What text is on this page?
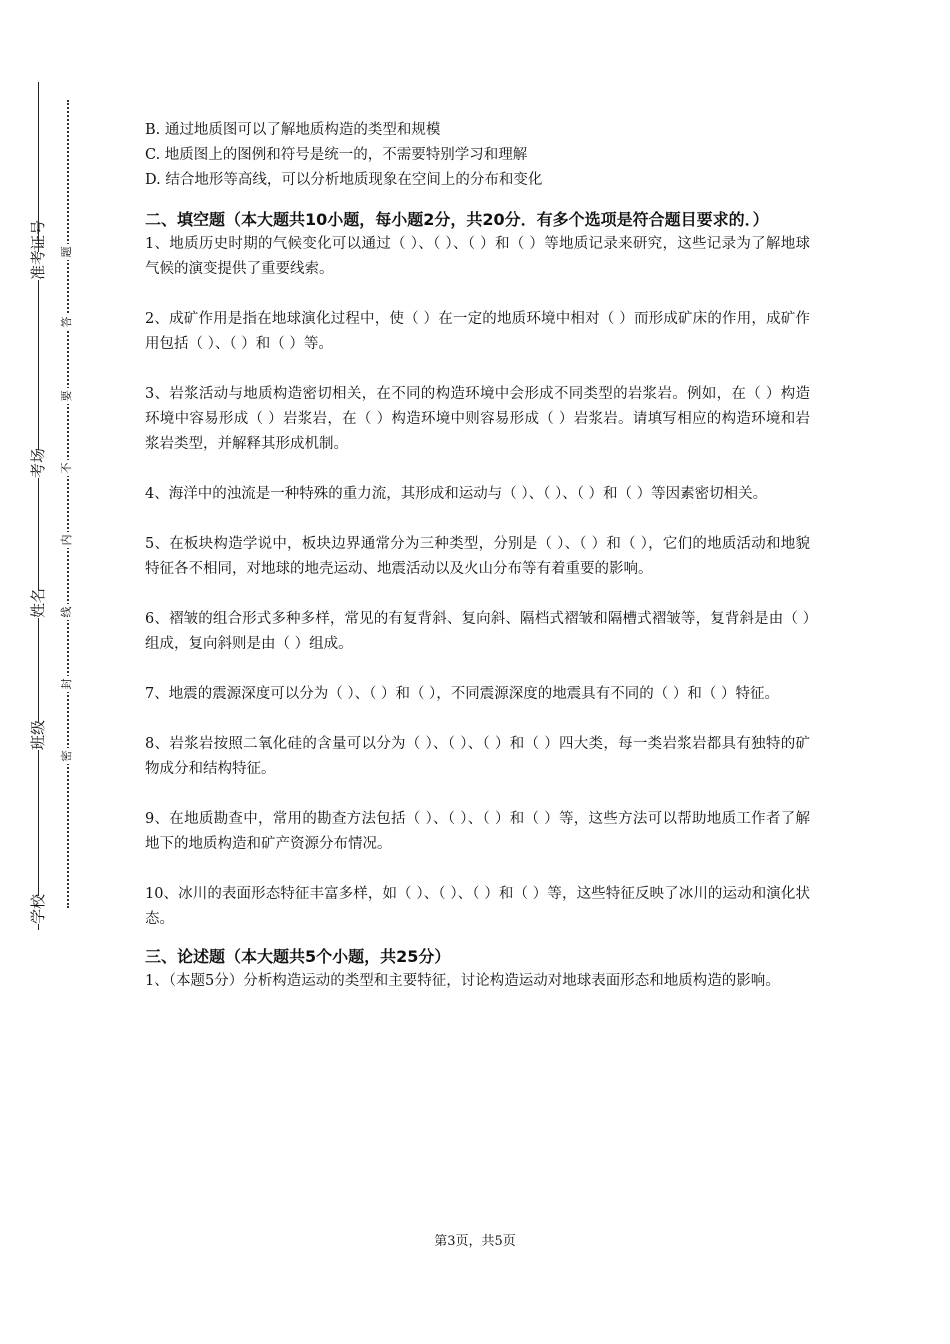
准考证号
考场
姓名
班级
学校
题
答
要
不
内
线
封
密

B. 通过地质图可以了解地质构造的类型和规模

C. 地质图上的图例和符号是统一的，不需要特别学习和理解

D. 结合地形等高线，可以分析地质现象在空间上的分布和变化

二、填空题（本大题共10小题，每小题2分，共20分．有多个选项是符合题目要求的．）

1、地质历史时期的气候变化可以通过（ ）、（ ）、（ ）和（ ）等地质记录来研究，这些记录为了解地球气候的演变提供了重要线索。

2、成矿作用是指在地球演化过程中，使（ ）在一定的地质环境中相对（ ）而形成矿床的作用，成矿作用包括（ ）、（ ）和（ ）等。

3、岩浆活动与地质构造密切相关，在不同的构造环境中会形成不同类型的岩浆岩。例如，在（ ）构造环境中容易形成（ ）岩浆岩，在（ ）构造环境中则容易形成（ ）岩浆岩。请填写相应的构造环境和岩浆岩类型，并解释其形成机制。

4、海洋中的浊流是一种特殊的重力流，其形成和运动与（ ）、（ ）、（ ）和（ ）等因素密切相关。

5、在板块构造学说中，板块边界通常分为三种类型，分别是（ ）、（ ）和（ ），它们的地质活动和地貌特征各不相同，对地球的地壳运动、地震活动以及火山分布等有着重要的影响。

6、褶皱的组合形式多种多样，常见的有复背斜、复向斜、隔档式褶皱和隔槽式褶皱等，复背斜是由（ ）组成，复向斜则是由（ ）组成。

7、地震的震源深度可以分为（ ）、（ ）和（ ），不同震源深度的地震具有不同的（ ）和（ ）特征。

8、岩浆岩按照二氧化硅的含量可以分为（ ）、（ ）、（ ）和（ ）四大类，每一类岩浆岩都具有独特的矿物成分和结构特征。

9、在地质勘查中，常用的勘查方法包括（ ）、（ ）、（ ）和（ ）等，这些方法可以帮助地质工作者了解地下的地质构造和矿产资源分布情况。

10、冰川的表面形态特征丰富多样，如（ ）、（ ）、（ ）和（ ）等，这些特征反映了冰川的运动和演化状态。

三、论述题（本大题共5个小题，共25分）

1、（本题5分）分析构造运动的类型和主要特征，讨论构造运动对地球表面形态和地质构造的影响。

第3页，共5页
